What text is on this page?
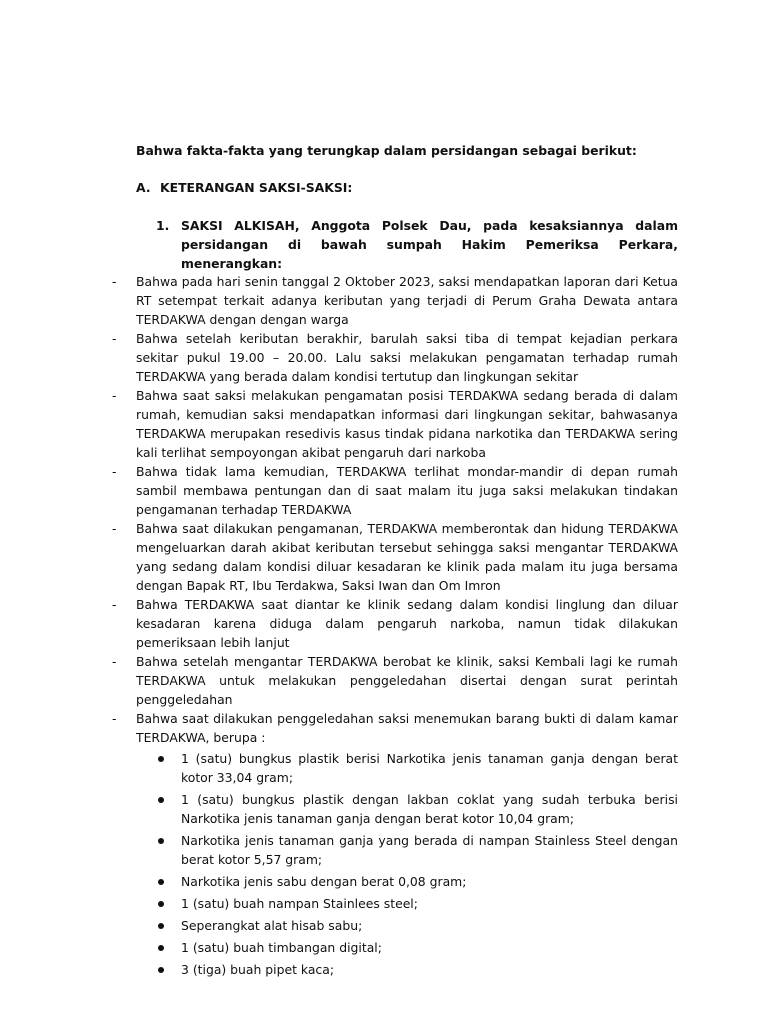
Bahwa fakta-fakta yang terungkap dalam persidangan sebagai berikut:
A. KETERANGAN SAKSI-SAKSI:
1. SAKSI ALKISAH, Anggota Polsek Dau, pada kesaksiannya dalam persidangan di bawah sumpah Hakim Pemeriksa Perkara, menerangkan:
- Bahwa pada hari senin tanggal 2 Oktober 2023, saksi mendapatkan laporan dari Ketua RT setempat terkait adanya keributan yang terjadi di Perum Graha Dewata antara TERDAKWA dengan dengan warga
- Bahwa setelah keributan berakhir, barulah saksi tiba di tempat kejadian perkara sekitar pukul 19.00 – 20.00. Lalu saksi melakukan pengamatan terhadap rumah TERDAKWA yang berada dalam kondisi tertutup dan lingkungan sekitar
- Bahwa saat saksi melakukan pengamatan posisi TERDAKWA sedang berada di dalam rumah, kemudian saksi mendapatkan informasi dari lingkungan sekitar, bahwasanya TERDAKWA merupakan resedivis kasus tindak pidana narkotika dan TERDAKWA sering kali terlihat sempoyongan akibat pengaruh dari narkoba
- Bahwa tidak lama kemudian, TERDAKWA terlihat mondar-mandir di depan rumah sambil membawa pentungan dan di saat malam itu juga saksi melakukan tindakan pengamanan terhadap TERDAKWA
- Bahwa saat dilakukan pengamanan, TERDAKWA memberontak dan hidung TERDAKWA mengeluarkan darah akibat keributan tersebut sehingga saksi mengantar TERDAKWA yang sedang dalam kondisi diluar kesadaran ke klinik pada malam itu juga bersama dengan Bapak RT, Ibu Terdakwa, Saksi Iwan dan Om Imron
- Bahwa TERDAKWA saat diantar ke klinik sedang dalam kondisi linglung dan diluar kesadaran karena diduga dalam pengaruh narkoba, namun tidak dilakukan pemeriksaan lebih lanjut
- Bahwa setelah mengantar TERDAKWA berobat ke klinik, saksi Kembali lagi ke rumah TERDAKWA untuk melakukan penggeledahan disertai dengan surat perintah penggeledahan
- Bahwa saat dilakukan penggeledahan saksi menemukan barang bukti di dalam kamar TERDAKWA, berupa :
1 (satu) bungkus plastik berisi Narkotika jenis tanaman ganja dengan berat kotor 33,04 gram;
1 (satu) bungkus plastik dengan lakban coklat yang sudah terbuka berisi Narkotika jenis tanaman ganja dengan berat kotor 10,04 gram;
Narkotika jenis tanaman ganja yang berada di nampan Stainless Steel dengan berat kotor 5,57 gram;
Narkotika jenis sabu dengan berat 0,08 gram;
1 (satu) buah nampan Stainlees steel;
Seperangkat alat hisab sabu;
1 (satu) buah timbangan digital;
3 (tiga) buah pipet kaca;
